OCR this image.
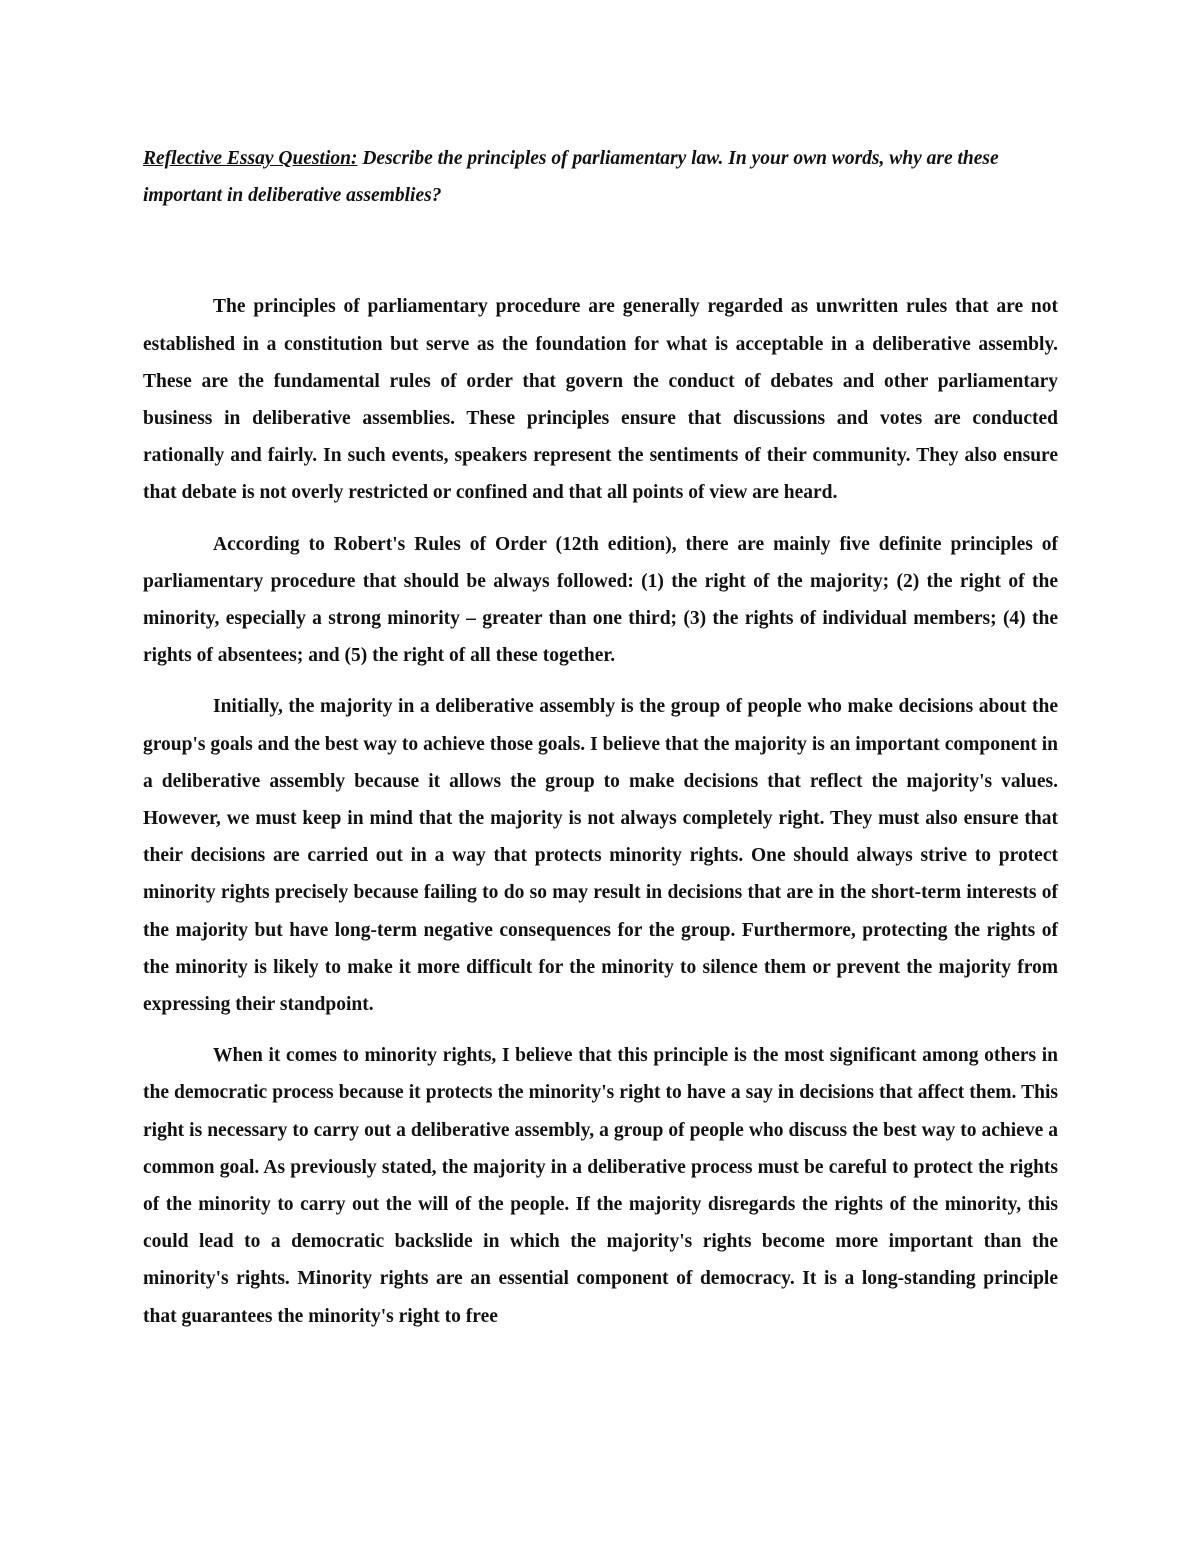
Reflective Essay Question: Describe the principles of parliamentary law. In your own words, why are these important in deliberative assemblies?

The principles of parliamentary procedure are generally regarded as unwritten rules that are not established in a constitution but serve as the foundation for what is acceptable in a deliberative assembly. These are the fundamental rules of order that govern the conduct of debates and other parliamentary business in deliberative assemblies. These principles ensure that discussions and votes are conducted rationally and fairly. In such events, speakers represent the sentiments of their community. They also ensure that debate is not overly restricted or confined and that all points of view are heard.

According to Robert's Rules of Order (12th edition), there are mainly five definite principles of parliamentary procedure that should be always followed: (1) the right of the majority; (2) the right of the minority, especially a strong minority – greater than one third; (3) the rights of individual members; (4) the rights of absentees; and (5) the right of all these together.

Initially, the majority in a deliberative assembly is the group of people who make decisions about the group's goals and the best way to achieve those goals. I believe that the majority is an important component in a deliberative assembly because it allows the group to make decisions that reflect the majority's values. However, we must keep in mind that the majority is not always completely right. They must also ensure that their decisions are carried out in a way that protects minority rights. One should always strive to protect minority rights precisely because failing to do so may result in decisions that are in the short-term interests of the majority but have long-term negative consequences for the group. Furthermore, protecting the rights of the minority is likely to make it more difficult for the minority to silence them or prevent the majority from expressing their standpoint.

When it comes to minority rights, I believe that this principle is the most significant among others in the democratic process because it protects the minority's right to have a say in decisions that affect them. This right is necessary to carry out a deliberative assembly, a group of people who discuss the best way to achieve a common goal. As previously stated, the majority in a deliberative process must be careful to protect the rights of the minority to carry out the will of the people. If the majority disregards the rights of the minority, this could lead to a democratic backslide in which the majority's rights become more important than the minority's rights. Minority rights are an essential component of democracy. It is a long-standing principle that guarantees the minority's right to free
